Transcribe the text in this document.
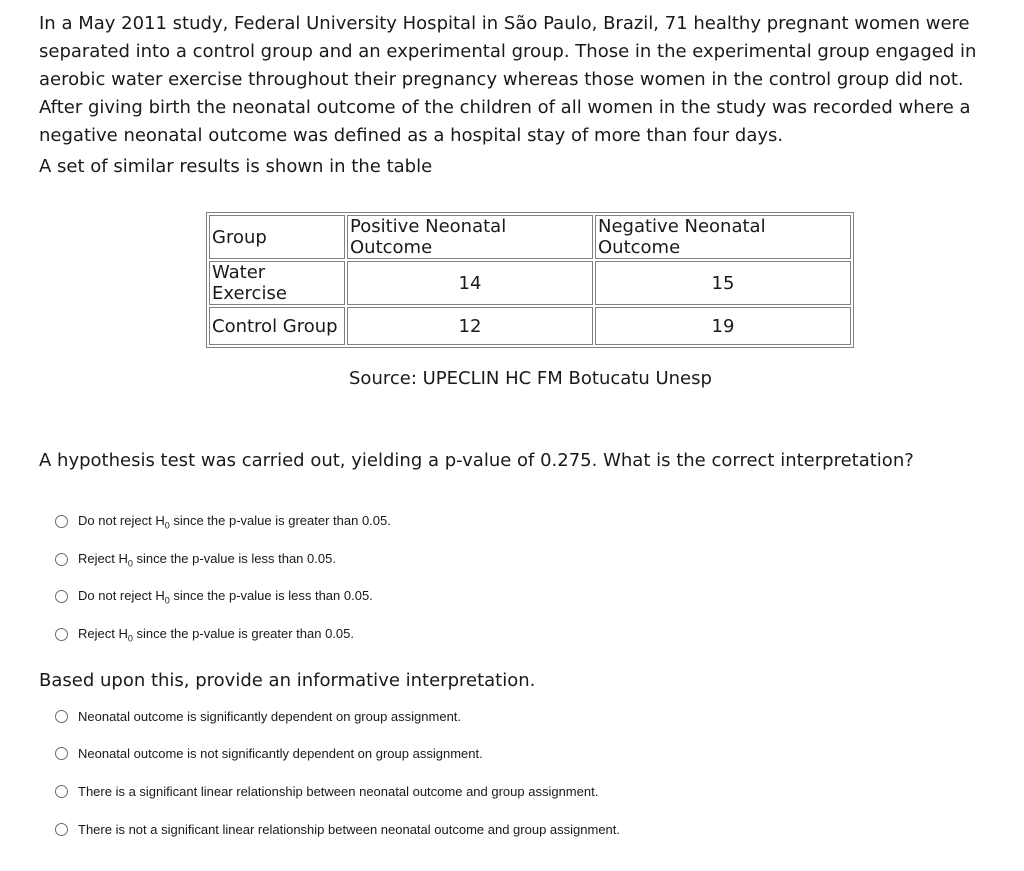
In a May 2011 study, Federal University Hospital in São Paulo, Brazil, 71 healthy pregnant women were separated into a control group and an experimental group. Those in the experimental group engaged in aerobic water exercise throughout their pregnancy whereas those women in the control group did not. After giving birth the neonatal outcome of the children of all women in the study was recorded where a negative neonatal outcome was defined as a hospital stay of more than four days.

A set of similar results is shown in the table

Group	Positive Neonatal Outcome	Negative Neonatal Outcome
Water Exercise	14	15
Control Group	12	19

Source: UPECLIN HC FM Botucatu Unesp

A hypothesis test was carried out, yielding a p-value of 0.275. What is the correct interpretation?

Do not reject $H_0$ since the p-value is greater than 0.05.
Reject $H_0$ since the p-value is less than 0.05.
Do not reject $H_0$ since the p-value is less than 0.05.
Reject $H_0$ since the p-value is greater than 0.05.

Based upon this, provide an informative interpretation.

Neonatal outcome is significantly dependent on group assignment.
Neonatal outcome is not significantly dependent on group assignment.
There is a significant linear relationship between neonatal outcome and group assignment.
There is not a significant linear relationship between neonatal outcome and group assignment.
